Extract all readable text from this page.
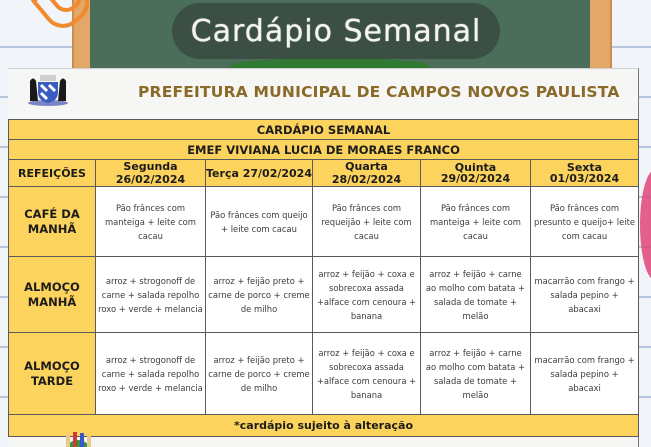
Cardápio Semanal
PREFEITURA MUNICIPAL DE CAMPOS NOVOS PAULISTA
CARDÁPIO SEMANAL					
EMEF VIVIANA LUCIA DE MORAES FRANCO					
REFEIÇÕES	Segunda 26/02/2024	Terça 27/02/2024	Quarta 28/02/2024	Quinta 29/02/2024	Sexta 01/03/2024
CAFÉ DA MANHÃ	Pão frânces com manteiga + leite com cacau	Pão frânces com queijo + leite com cacau	Pão frânces com requeijão + leite com cacau	Pão frânces com manteiga + leite com cacau	Pão frânces com presunto e queijo+ leite com cacau
ALMOÇO MANHÃ	arroz + strogonoff de carne + salada repolho roxo + verde + melancia	arroz + feijão preto + carne de porco + creme de milho	arroz + feijão + coxa e sobrecoxa assada +alface com cenoura + banana	arroz + feijão + carne ao molho com batata + salada de tomate + melão	macarrão com frango + salada pepino + abacaxi
ALMOÇO TARDE	arroz + strogonoff de carne + salada repolho roxo + verde + melancia	arroz + feijão preto + carne de porco + creme de milho	arroz + feijão + coxa e sobrecoxa assada +alface com cenoura + banana	arroz + feijão + carne ao molho com batata + salada de tomate + melão	macarrão com frango + salada pepino + abacaxi
*cardápio sujeito à alteração					
